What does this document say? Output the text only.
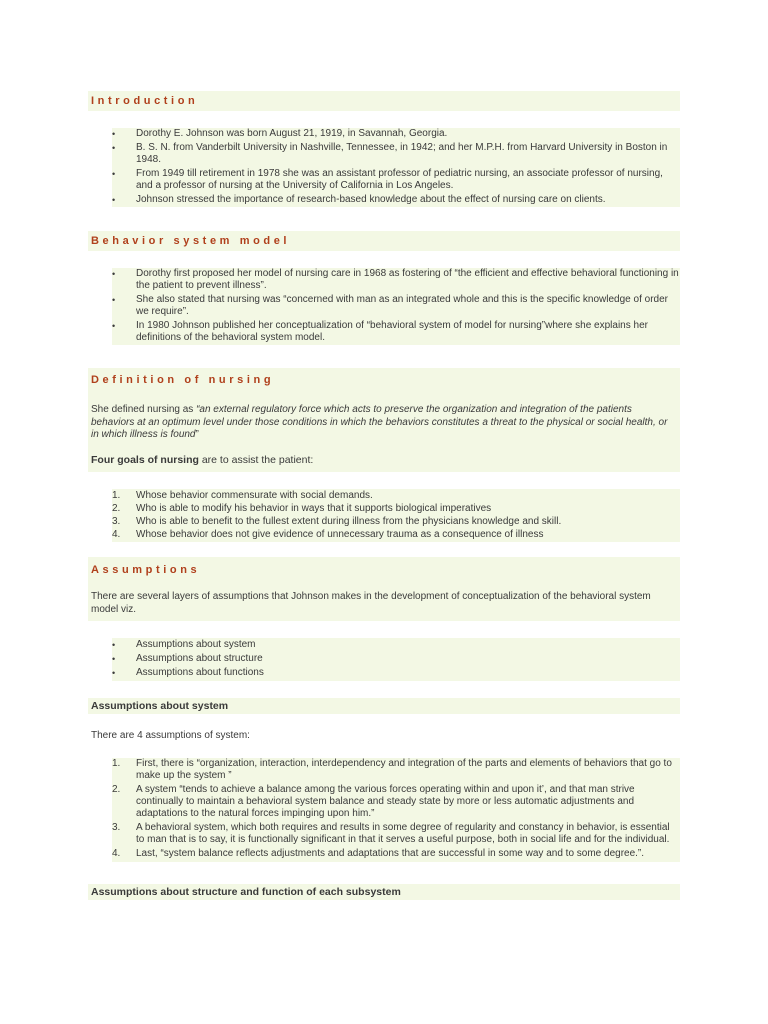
Introduction
•	Dorothy E. Johnson was born August 21, 1919, in Savannah, Georgia.
•	B. S. N. from Vanderbilt University in Nashville, Tennessee, in 1942; and her M.P.H. from Harvard University in Boston in 1948.
•	From 1949 till retirement in 1978 she was an assistant professor of pediatric nursing, an associate professor of nursing, and a professor of nursing at the University of California in Los Angeles.
•	Johnson stressed the importance of research-based knowledge about the effect of nursing care on clients.
Behavior system model
•	Dorothy first proposed her model of nursing care in 1968 as fostering of “the efficient and effective behavioral functioning in the patient to prevent illness”.
•	She also stated that nursing was “concerned with man as an integrated whole and this is the specific knowledge of order we require”.
•	In 1980 Johnson published her conceptualization of “behavioral system of model for nursing”where she explains her definitions of the behavioral system model.
Definition of nursing
She defined nursing as “an external regulatory force which acts to preserve the organization and integration of the patients behaviors at an optimum level under those conditions in which the behaviors constitutes a threat to the physical or social health, or in which illness is found”
Four goals of nursing are to assist the patient:
1.	Whose behavior commensurate with social demands.
2.	Who is able to modify his behavior in ways that it supports biological imperatives
3.	Who is able to benefit to the fullest extent during illness from the physicians knowledge and skill.
4.	Whose behavior does not give evidence of unnecessary trauma as a consequence of illness
Assumptions
There are several layers of assumptions that Johnson makes in the development of conceptualization of the behavioral system model viz.
•	Assumptions about system
•	Assumptions about structure
•	Assumptions about functions
Assumptions about system
There are 4 assumptions of system:
1.	First, there is “organization, interaction, interdependency and integration of the parts and elements of behaviors that go to make up the system ”
2.	A system “tends to achieve a balance among the various forces operating within and upon it’, and that man strive continually to maintain a behavioral system balance and steady state by more or less automatic adjustments and adaptations to the natural forces impinging upon him.”
3.	A behavioral system, which both requires and results in some degree of regularity and constancy in behavior, is essential to man that is to say, it is functionally significant in that it serves a useful purpose, both in social life and for the individual.
4.	Last, “system balance reflects adjustments and adaptations that are successful in some way and to some degree.”.
Assumptions about structure and function of each subsystem
